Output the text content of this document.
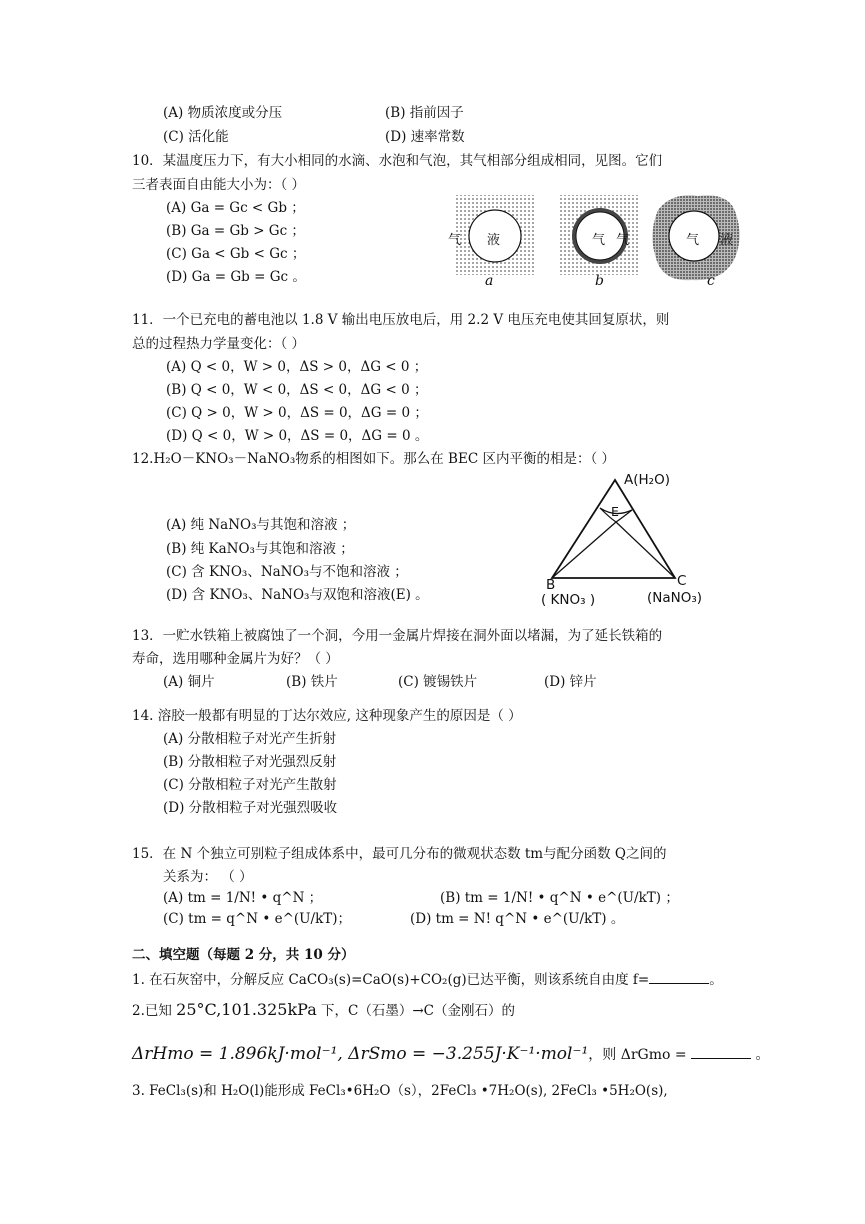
(A) 物质浓度或分压	(B) 指前因子
(C) 活化能	(D) 速率常数
10．某温度压力下，有大小相同的水滴、水泡和气泡，其气相部分组成相同，见图。它们
三者表面自由能大小为：（ ）
(A) Ga = Gc < Gb ；
(B) Ga = Gb > Gc ；
(C) Ga < Gb < Gc ；
(D) Ga = Gb = Gc 。
气 液
a
气 气
b
气 液
c
11．一个已充电的蓄电池以 1.8 V 输出电压放电后，用 2.2 V 电压充电使其回复原状，则
总的过程热力学量变化：（ ）
(A) Q < 0，W > 0，ΔS > 0，ΔG < 0 ；
(B) Q < 0，W < 0，ΔS < 0，ΔG < 0 ；
(C) Q > 0，W > 0，ΔS = 0，ΔG = 0 ；
(D) Q < 0，W > 0，ΔS = 0，ΔG = 0 。
12.H₂O－KNO₃－NaNO₃物系的相图如下。那么在 BEC 区内平衡的相是：（ ）
(A) 纯 NaNO₃与其饱和溶液 ；
(B) 纯 KaNO₃与其饱和溶液 ；
(C) 含 KNO₃、NaNO₃与不饱和溶液 ；
(D) 含 KNO₃、NaNO₃与双饱和溶液(E) 。
A(H₂O)
E
B
( KNO₃ )
C
(NaNO₃)
13．一贮水铁箱上被腐蚀了一个洞，今用一金属片焊接在洞外面以堵漏，为了延长铁箱的
寿命，选用哪种金属片为好？（ ）
(A) 铜片	(B) 铁片	(C) 镀锡铁片	(D) 锌片
14. 溶胶一般都有明显的丁达尔效应, 这种现象产生的原因是（ ）
(A) 分散相粒子对光产生折射
(B) 分散相粒子对光强烈反射
(C) 分散相粒子对光产生散射
(D) 分散相粒子对光强烈吸收
15．在 N 个独立可别粒子组成体系中，最可几分布的微观状态数 tm与配分函数 Q之间的
关系为： （ ）
(A) tm = 1/N! • q^N ；	(B) tm = 1/N! • q^N • e^(U/kT) ；
(C) tm = q^N • e^(U/kT)；	(D) tm = N! q^N • e^(U/kT) 。
二、填空题（每题 2 分，共 10 分）
1. 在石灰窑中，分解反应 CaCO₃(s)=CaO(s)+CO₂(g)已达平衡，则该系统自由度 f=	。
2.已知 25°C,101.325kPa 下，C（石墨）→C（金刚石）的
ΔrHmo = 1.896kJ·mol⁻¹, ΔrSmo = −3.255J·K⁻¹·mol⁻¹，则 ΔrGmo =	。
3. FeCl₃(s)和 H₂O(l)能形成 FeCl₃•6H₂O（s），2FeCl₃ •7H₂O(s), 2FeCl₃ •5H₂O(s),
